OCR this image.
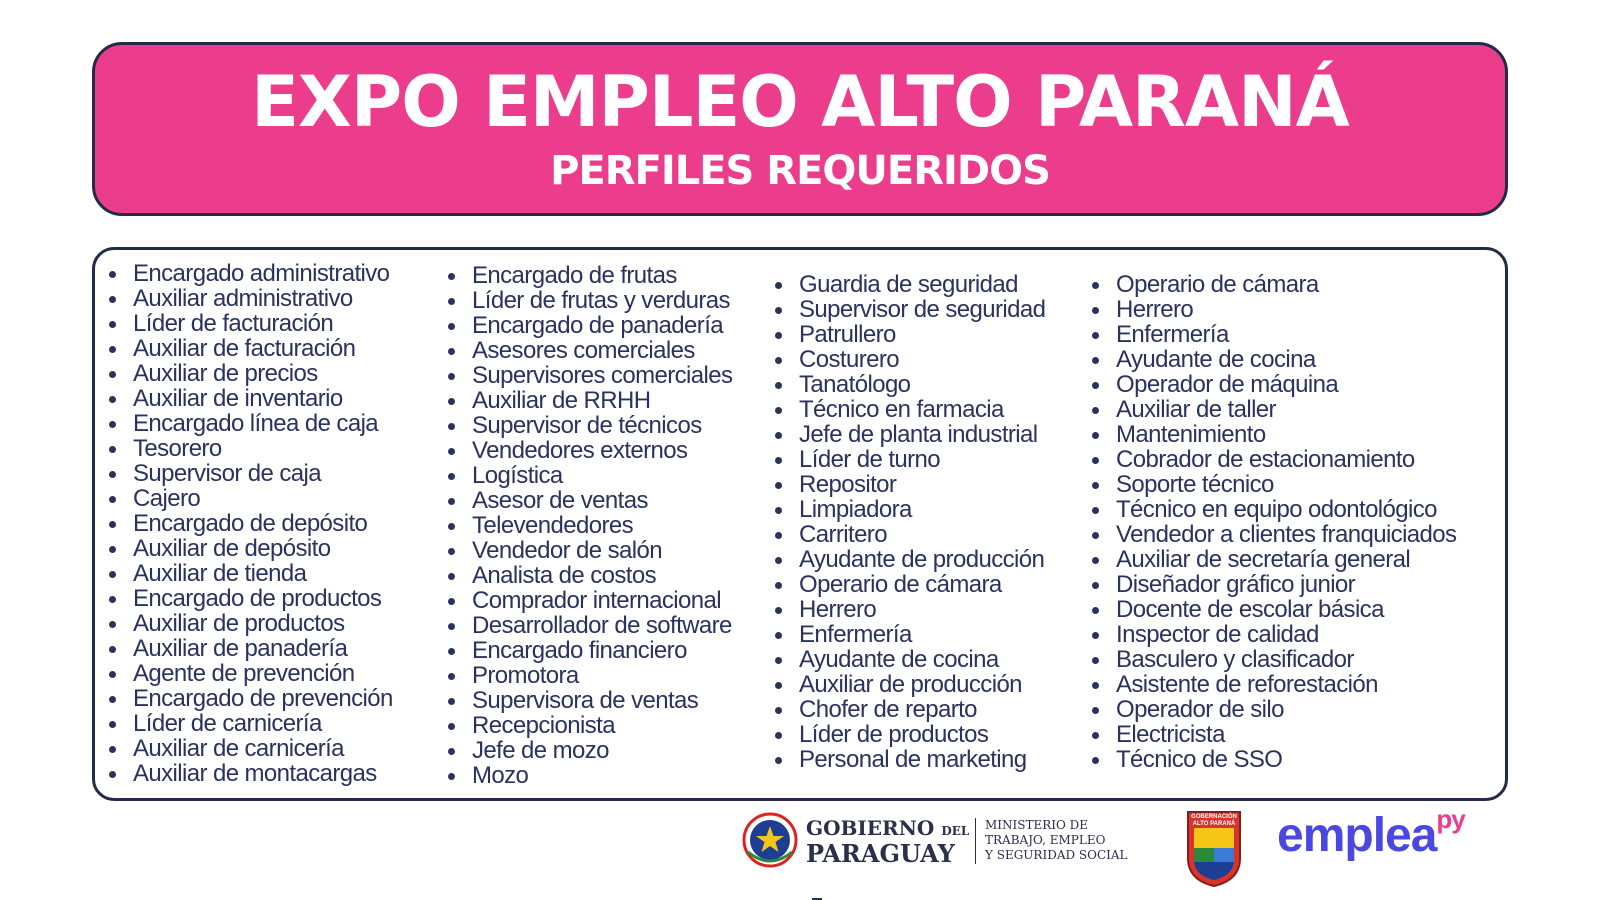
EXPO EMPLEO ALTO PARANÁ
PERFILES REQUERIDOS
Encargado administrativo
Auxiliar administrativo
Líder de facturación
Auxiliar de facturación
Auxiliar de precios
Auxiliar de inventario
Encargado línea de caja
Tesorero
Supervisor de caja
Cajero
Encargado de depósito
Auxiliar de depósito
Auxiliar de tienda
Encargado de productos
Auxiliar de productos
Auxiliar de panadería
Agente de prevención
Encargado de prevención
Líder de carnicería
Auxiliar de carnicería
Auxiliar de montacargas
Encargado de frutas
Líder de frutas y verduras
Encargado de panadería
Asesores comerciales
Supervisores comerciales
Auxiliar de RRHH
Supervisor de técnicos
Vendedores externos
Logística
Asesor de ventas
Televendedores
Vendedor de salón
Analista de costos
Comprador internacional
Desarrollador de software
Encargado financiero
Promotora
Supervisora de ventas
Recepcionista
Jefe de mozo
Mozo
Guardia de seguridad
Supervisor de seguridad
Patrullero
Costurero
Tanatólogo
Técnico en farmacia
Jefe de planta industrial
Líder de turno
Repositor
Limpiadora
Carritero
Ayudante de producción
Operario de cámara
Herrero
Enfermería
Ayudante de cocina
Auxiliar de producción
Chofer de reparto
Líder de productos
Personal de marketing
Operario de cámara
Herrero
Enfermería
Ayudante de cocina
Operador de máquina
Auxiliar de taller
Mantenimiento
Cobrador de estacionamiento
Soporte técnico
Técnico en equipo odontológico
Vendedor a clientes franquiciados
Auxiliar de secretaría general
Diseñador gráfico junior
Docente de escolar básica
Inspector de calidad
Basculero y clasificador
Asistente de reforestación
Operador de silo
Electricista
Técnico de SSO
GOBIERNO DEL
PARAGUAY
MINISTERIO DE
TRABAJO, EMPLEO
Y SEGURIDAD SOCIAL
GOBERNACIÓN ALTO PARANÁ emplea$^{py}$
